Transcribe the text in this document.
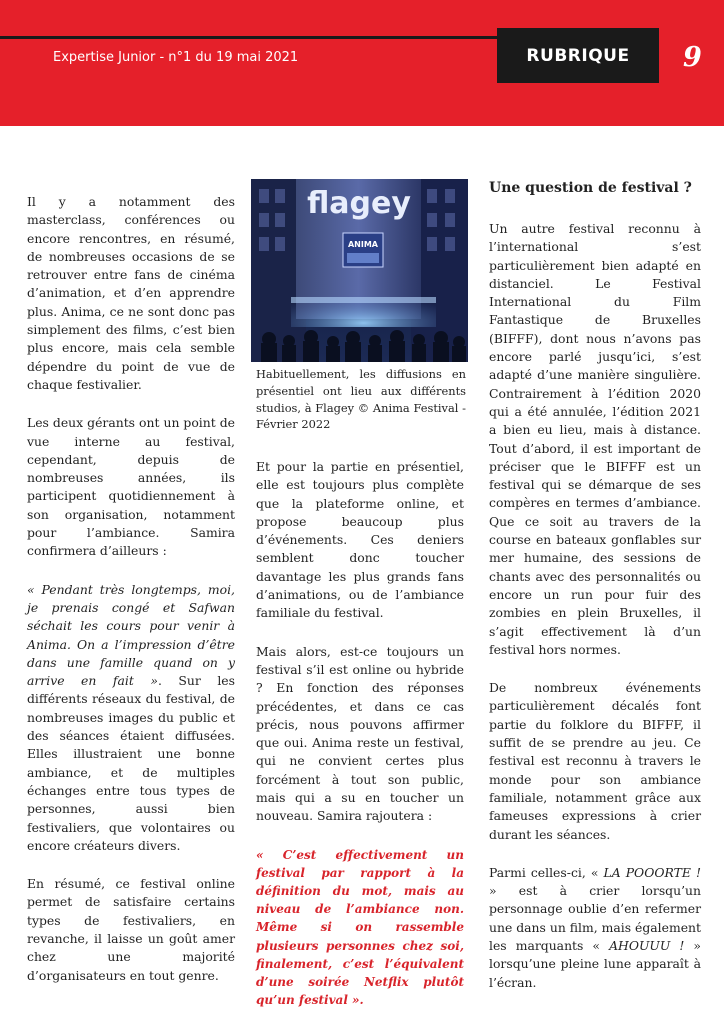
Expertise Junior - n°1 du 19 mai 2021	RUBRIQUE	9

Il y a notamment des masterclass, conférences ou encore rencontres, en résumé, de nombreuses occasions de se retrouver entre fans de cinéma d’animation, et d’en apprendre plus. Anima, ce ne sont donc pas simplement des films, c’est bien plus encore, mais cela semble dépendre du point de vue de chaque festivalier.

Les deux gérants ont un point de vue interne au festival, cependant, depuis de nombreuses années, ils participent quotidiennement à son organisation, notamment pour l’ambiance. Samira confirmera d’ailleurs :

« Pendant très longtemps, moi, je prenais congé et Safwan séchait les cours pour venir à Anima. On a l’impression d’être dans une famille quand on y arrive en fait ». Sur les différents réseaux du festival, de nombreuses images du public et des séances étaient diffusées. Elles illustraient une bonne ambiance, et de multiples échanges entre tous types de personnes, aussi bien festivaliers, que volontaires ou encore créateurs divers.

En résumé, ce festival online permet de satisfaire certains types de festivaliers, en revanche, il laisse un goût amer chez une majorité d’organisateurs en tout genre.

flagey
ANIMA
Habituellement, les diffusions en présentiel ont lieu aux différents studios, à Flagey © Anima Festival - Février 2022

Et pour la partie en présentiel, elle est toujours plus complète que la plateforme online, et propose beaucoup plus d’événements. Ces deniers semblent donc toucher davantage les plus grands fans d’animations, ou de l’ambiance familiale du festival.

Mais alors, est-ce toujours un festival s’il est online ou hybride ? En fonction des réponses précédentes, et dans ce cas précis, nous pouvons affirmer que oui. Anima reste un festival, qui ne convient certes plus forcément à tout son public, mais qui a su en toucher un nouveau. Samira rajoutera :

« C’est effectivement un festival par rapport à la définition du mot, mais au niveau de l’ambiance non. Même si on rassemble plusieurs personnes chez soi, finalement, c’est l’équivalent d’une soirée Netflix plutôt qu’un festival ».

Une question de festival ?

Un autre festival reconnu à l’international s’est particulièrement bien adapté en distanciel. Le Festival International du Film Fantastique de Bruxelles (BIFFF), dont nous n’avons pas encore parlé jusqu’ici, s’est adapté d’une manière singulière. Contrairement à l’édition 2020 qui a été annulée, l’édition 2021 a bien eu lieu, mais à distance. Tout d’abord, il est important de préciser que le BIFFF est un festival qui se démarque de ses compères en termes d’ambiance. Que ce soit au travers de la course en bateaux gonflables sur mer humaine, des sessions de chants avec des personnalités ou encore un run pour fuir des zombies en plein Bruxelles, il s’agit effectivement là d’un festival hors normes.

De nombreux événements particulièrement décalés font partie du folklore du BIFFF, il suffit de se prendre au jeu. Ce festival est reconnu à travers le monde pour son ambiance familiale, notamment grâce aux fameuses expressions à crier durant les séances.

Parmi celles-ci, « LA POOORTE ! » est à crier lorsqu’un personnage oublie d’en refermer une dans un film, mais également les marquants « AHOUUU ! » lorsqu’une pleine lune apparaît à l’écran.
